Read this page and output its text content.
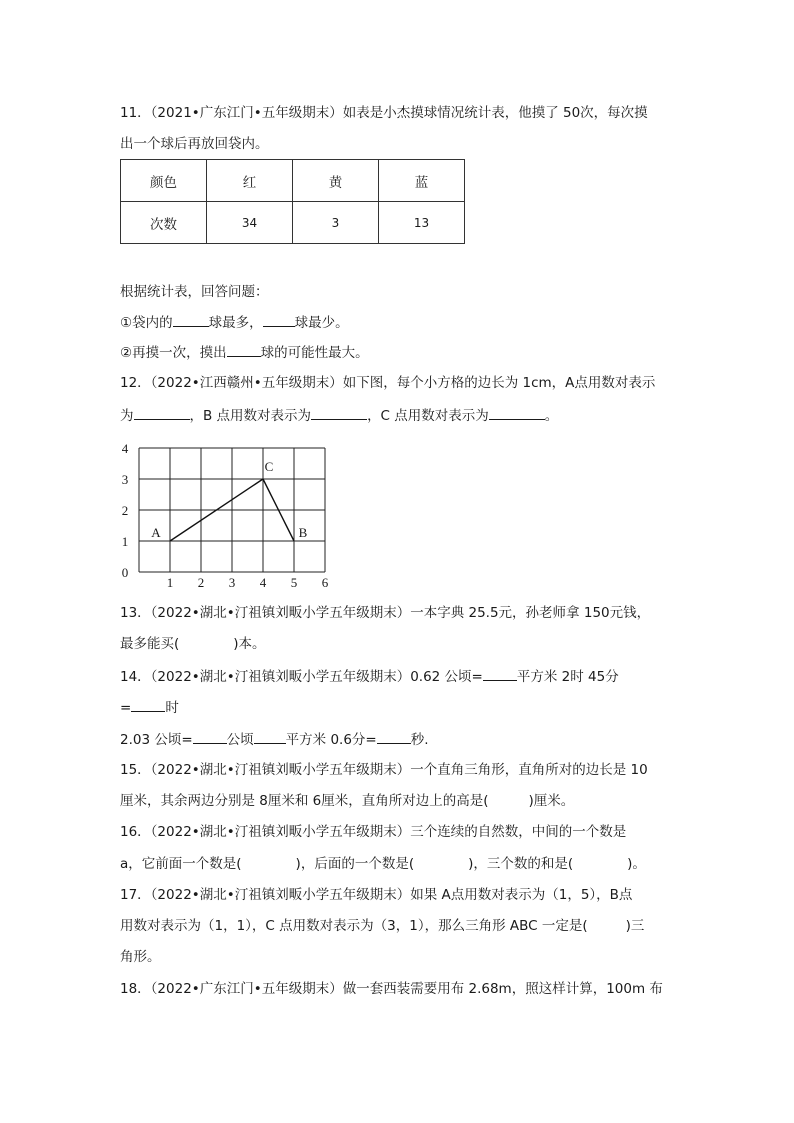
11．（2021•广东江门•五年级期末）如表是小杰摸球情况统计表，他摸了 50次，每次摸
出一个球后再放回袋内。
颜色	红	黄	蓝
次数	34	3	13
根据统计表，回答问题：
①袋内的	球最多， 球最少。
②再摸一次，摸出	球的可能性最大。
12．（2022•江西赣州•五年级期末）如下图，每个小方格的边长为 1cm，A点用数对表示
为	，B 点用数对表示为	，C 点用数对表示为	。
1 2 3 4 5 6
0
1
2
3
4
A	B
C
13．（2022•湖北•汀祖镇刘畈小学五年级期末）一本字典 25.5元，孙老师拿 150元钱，
最多能买(	)本。
14．（2022•湖北•汀祖镇刘畈小学五年级期末）0.62 公顷=	平方米 2时 45分
=	时
2.03 公顷=	公顷 平方米 0.6分=	秒.
15．（2022•湖北•汀祖镇刘畈小学五年级期末）一个直角三角形，直角所对的边长是 10
厘米，其余两边分别是 8厘米和 6厘米，直角所对边上的高是(	)厘米。
16．（2022•湖北•汀祖镇刘畈小学五年级期末）三个连续的自然数，中间的一个数是
a，它前面一个数是(	)，后面的一个数是(	)，三个数的和是(	)。
17．（2022•湖北•汀祖镇刘畈小学五年级期末）如果 A点用数对表示为（1，5），B点
用数对表示为（1，1），C 点用数对表示为（3，1），那么三角形 ABC 一定是(	)三
角形。
18．（2022•广东江门•五年级期末）做一套西装需要用布 2.68m，照这样计算，100m 布
